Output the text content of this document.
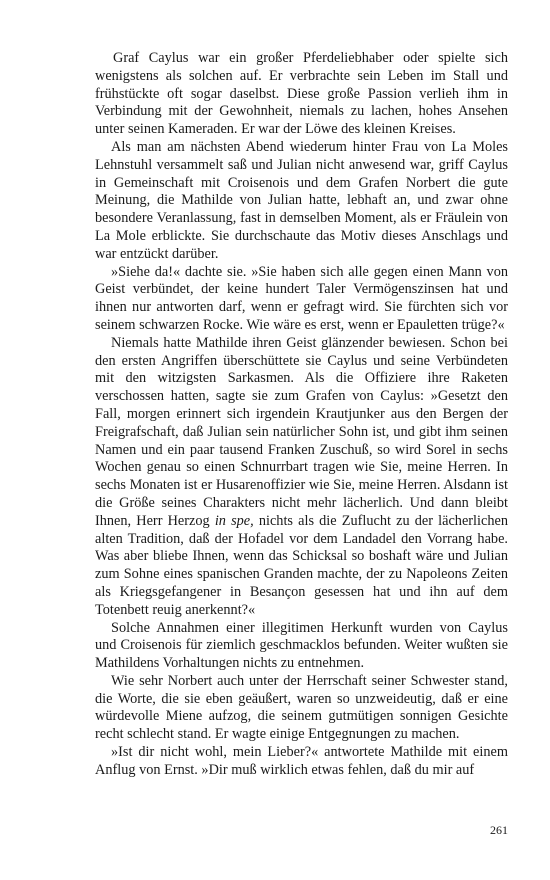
Graf Caylus war ein großer Pferdeliebhaber oder spielte sich wenigstens als solchen auf. Er verbrachte sein Leben im Stall und frühstückte oft sogar daselbst. Diese große Passion verlieh ihm in Verbindung mit der Gewohnheit, niemals zu lachen, hohes Ansehen unter seinen Kameraden. Er war der Löwe des kleinen Kreises.

Als man am nächsten Abend wiederum hinter Frau von La Moles Lehnstuhl versammelt saß und Julian nicht anwesend war, griff Caylus in Gemeinschaft mit Croisenois und dem Grafen Norbert die gute Meinung, die Mathilde von Julian hatte, lebhaft an, und zwar ohne besondere Veranlassung, fast in demselben Moment, als er Fräulein von La Mole erblickte. Sie durchschaute das Motiv dieses Anschlags und war entzückt darüber.

»Siehe da!« dachte sie. »Sie haben sich alle gegen einen Mann von Geist verbündet, der keine hundert Taler Vermögenszinsen hat und ihnen nur antworten darf, wenn er gefragt wird. Sie fürchten sich vor seinem schwarzen Rocke. Wie wäre es erst, wenn er Epauletten trüge?«

Niemals hatte Mathilde ihren Geist glänzender bewiesen. Schon bei den ersten Angriffen überschüttete sie Caylus und seine Verbündeten mit den witzigsten Sarkasmen. Als die Offiziere ihre Raketen verschossen hatten, sagte sie zum Grafen von Caylus: »Gesetzt den Fall, morgen erinnert sich irgendein Krautjunker aus den Bergen der Freigrafschaft, daß Julian sein natürlicher Sohn ist, und gibt ihm seinen Namen und ein paar tausend Franken Zuschuß, so wird Sorel in sechs Wochen genau so einen Schnurrbart tragen wie Sie, meine Herren. In sechs Monaten ist er Husarenoffizier wie Sie, meine Herren. Alsdann ist die Größe seines Charakters nicht mehr lächerlich. Und dann bleibt Ihnen, Herr Herzog in spe, nichts als die Zuflucht zu der lächerlichen alten Tradition, daß der Hofadel vor dem Landadel den Vorrang habe. Was aber bliebe Ihnen, wenn das Schicksal so boshaft wäre und Julian zum Sohne eines spanischen Granden machte, der zu Napoleons Zeiten als Kriegsgefangener in Besançon gesessen hat und ihn auf dem Totenbett reuig anerkennt?«

Solche Annahmen einer illegitimen Herkunft wurden von Caylus und Croisenois für ziemlich geschmacklos befunden. Weiter wußten sie Mathildens Vorhaltungen nichts zu entnehmen.

Wie sehr Norbert auch unter der Herrschaft seiner Schwester stand, die Worte, die sie eben geäußert, waren so unzweideutig, daß er eine würdevolle Miene aufzog, die seinem gutmütigen sonnigen Gesichte recht schlecht stand. Er wagte einige Entgegnungen zu machen.

»Ist dir nicht wohl, mein Lieber?« antwortete Mathilde mit einem Anflug von Ernst. »Dir muß wirklich etwas fehlen, daß du mir auf

261
